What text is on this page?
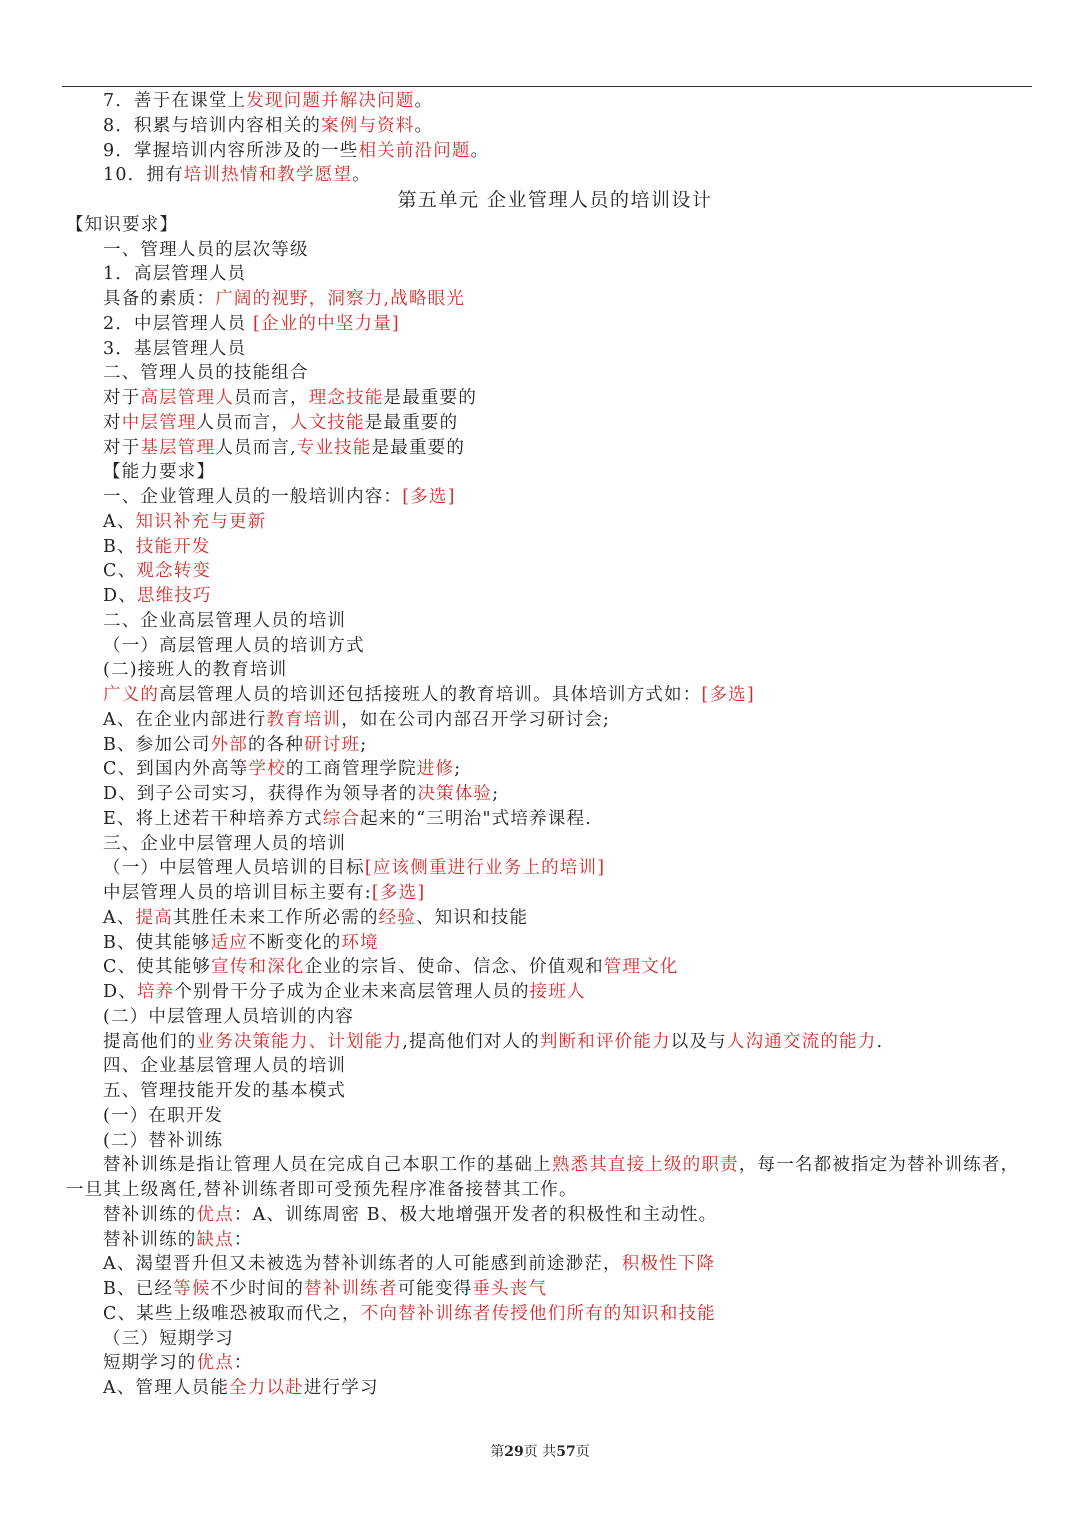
7．善于在课堂上发现问题并解决问题。
8．积累与培训内容相关的案例与资料。
9．掌握培训内容所涉及的一些相关前沿问题。
10．拥有培训热情和教学愿望。
第五单元 企业管理人员的培训设计
【知识要求】
一、管理人员的层次等级
1．高层管理人员
具备的素质：广阔的视野，洞察力,战略眼光
2．中层管理人员 [企业的中坚力量]
3．基层管理人员
二、管理人员的技能组合
对于高层管理人员而言，理念技能是最重要的
对中层管理人员而言，人文技能是最重要的
对于基层管理人员而言,专业技能是最重要的
【能力要求】
一、企业管理人员的一般培训内容：[多选]
A、知识补充与更新
B、技能开发
C、观念转变
D、思维技巧
二、企业高层管理人员的培训
（一）高层管理人员的培训方式
(二)接班人的教育培训
广义的高层管理人员的培训还包括接班人的教育培训。具体培训方式如：[多选]
A、在企业内部进行教育培训，如在公司内部召开学习研讨会;
B、参加公司外部的各种研讨班;
C、到国内外高等学校的工商管理学院进修;
D、到子公司实习，获得作为领导者的决策体验;
E、将上述若干种培养方式综合起来的“三明治"式培养课程.
三、企业中层管理人员的培训
（一）中层管理人员培训的目标[应该侧重进行业务上的培训]
中层管理人员的培训目标主要有:[多选]
A、提高其胜任未来工作所必需的经验、知识和技能
B、使其能够适应不断变化的环境
C、使其能够宣传和深化企业的宗旨、使命、信念、价值观和管理文化
D、培养个别骨干分子成为企业未来高层管理人员的接班人
(二）中层管理人员培训的内容
提高他们的业务决策能力、计划能力,提高他们对人的判断和评价能力以及与人沟通交流的能力.
四、企业基层管理人员的培训
五、管理技能开发的基本模式
(一）在职开发
(二）替补训练
替补训练是指让管理人员在完成自己本职工作的基础上熟悉其直接上级的职责，每一名都被指定为替补训练者，
一旦其上级离任,替补训练者即可受预先程序准备接替其工作。
替补训练的优点：A、训练周密 B、极大地增强开发者的积极性和主动性。
替补训练的缺点：
A、渴望晋升但又未被选为替补训练者的人可能感到前途渺茫，积极性下降
B、已经等候不少时间的替补训练者可能变得垂头丧气
C、某些上级唯恐被取而代之，不向替补训练者传授他们所有的知识和技能
（三）短期学习
短期学习的优点：
A、管理人员能全力以赴进行学习
第29页 共57页
